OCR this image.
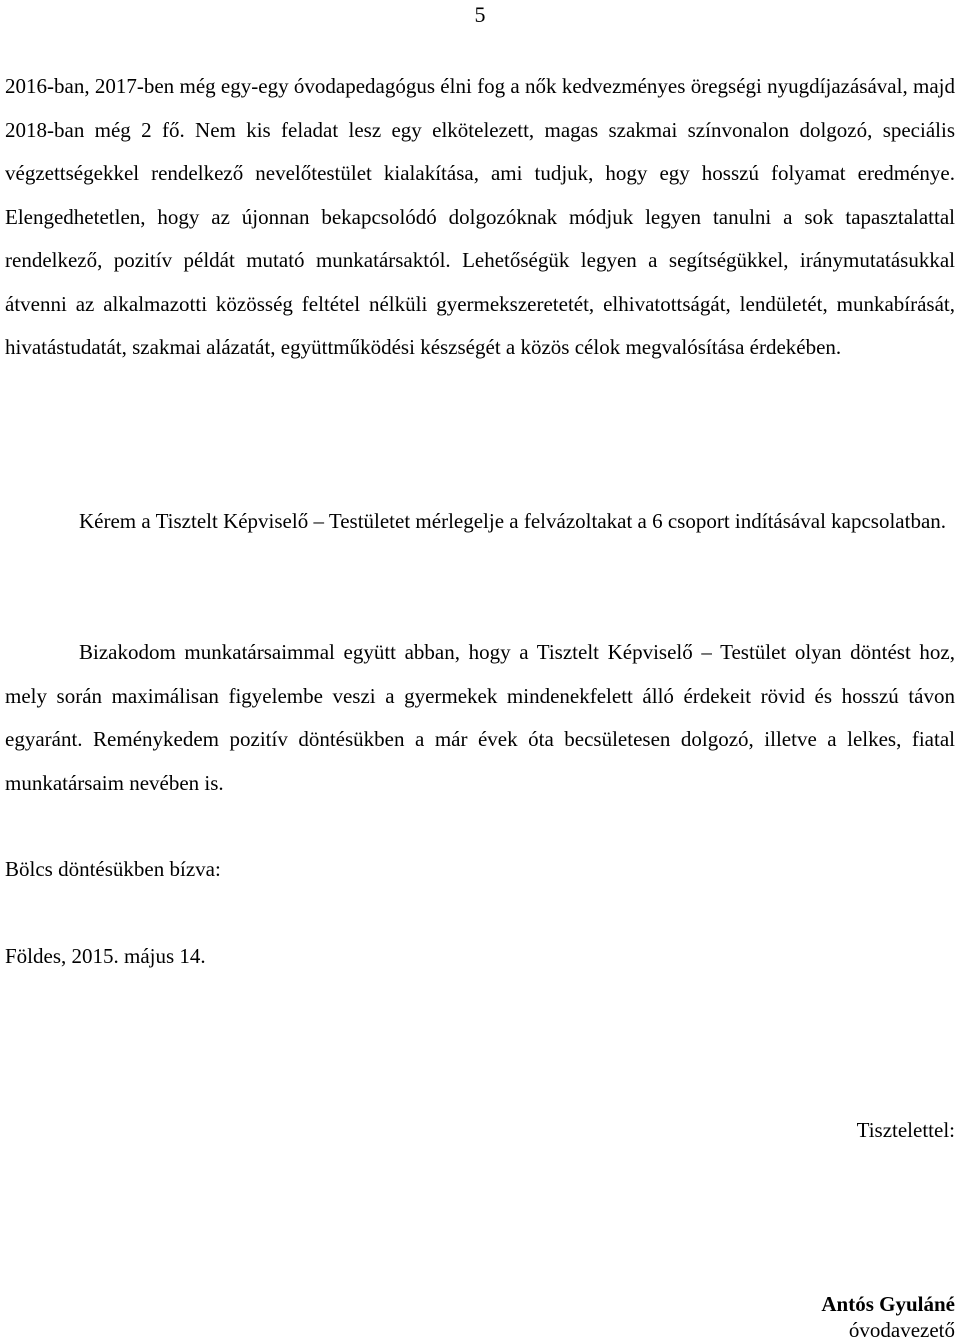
5

2016-ban, 2017-ben még egy-egy óvodapedagógus élni fog a nők kedvezményes öregségi nyugdíjazásával, majd 2018-ban még 2 fő. Nem kis feladat lesz egy elkötelezett, magas szakmai színvonalon dolgozó, speciális végzettségekkel rendelkező nevelőtestület kialakítása, ami tudjuk, hogy egy hosszú folyamat eredménye. Elengedhetetlen, hogy az újonnan bekapcsolódó dolgozóknak módjuk legyen tanulni a sok tapasztalattal rendelkező, pozitív példát mutató munkatársaktól. Lehetőségük legyen a segítségükkel, iránymutatásukkal átvenni az alkalmazotti közösség feltétel nélküli gyermekszeretetét, elhivatottságát, lendületét, munkabírását, hivatástudatát, szakmai alázatát, együttműködési készségét a közös célok megvalósítása érdekében.

Kérem a Tisztelt Képviselő – Testületet mérlegelje a felvázoltakat a 6 csoport indításával kapcsolatban.

Bizakodom munkatársaimmal együtt abban, hogy a Tisztelt Képviselő – Testület olyan döntést hoz, mely során maximálisan figyelembe veszi a gyermekek mindenekfelett álló érdekeit rövid és hosszú távon egyaránt. Reménykedem pozitív döntésükben a már évek óta becsületesen dolgozó, illetve a lelkes, fiatal munkatársaim nevében is.

Bölcs döntésükben bízva:

Földes, 2015. május 14.

Tisztelettel:
Antós Gyuláné
óvodavezető
